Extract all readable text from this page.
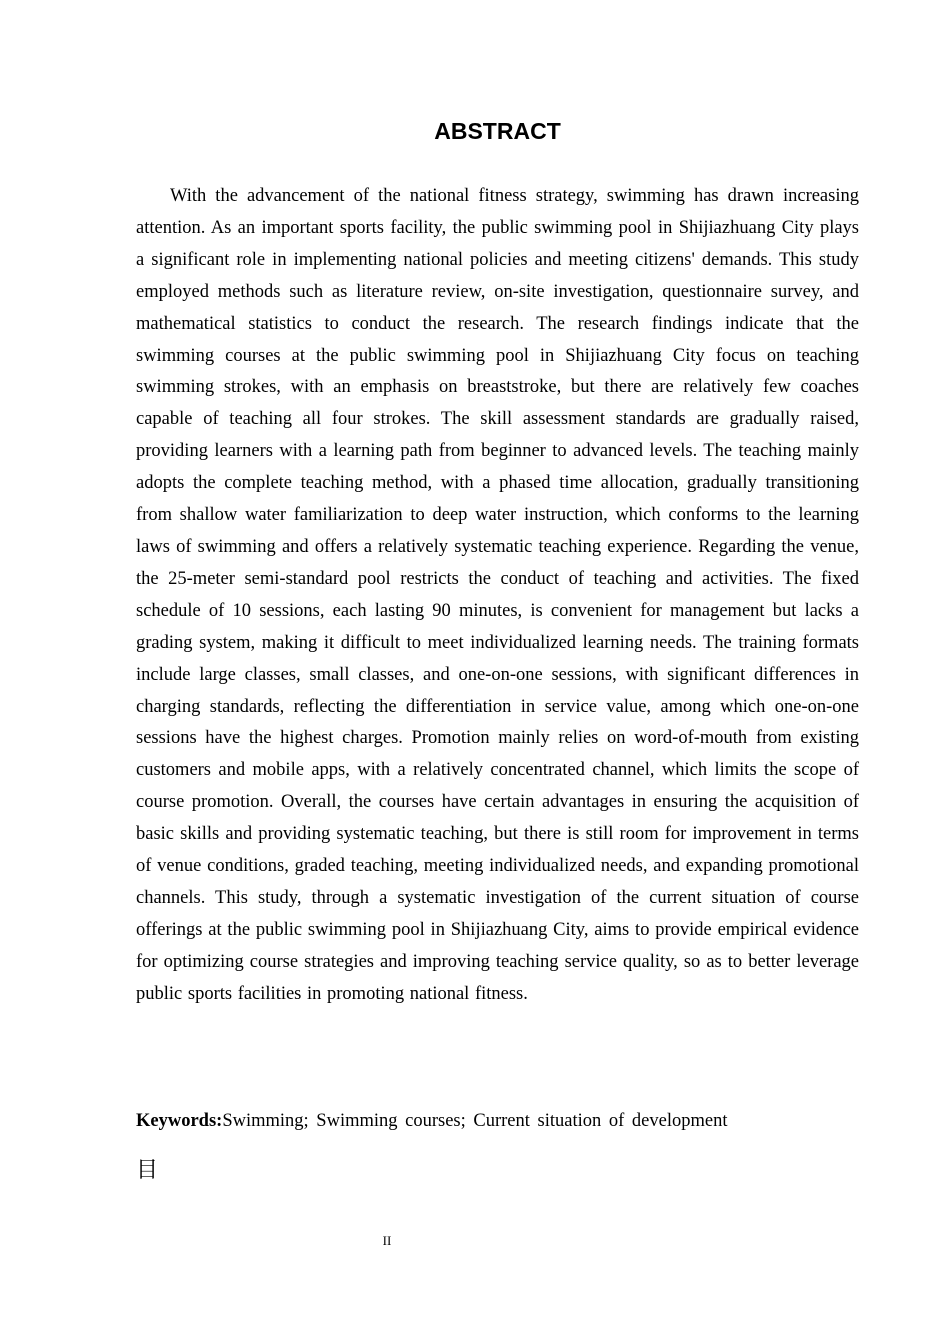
ABSTRACT

With the advancement of the national fitness strategy, swimming has drawn increasing attention. As an important sports facility, the public swimming pool in Shijiazhuang City plays a significant role in implementing national policies and meeting citizens' demands. This study employed methods such as literature review, on-site investigation, questionnaire survey, and mathematical statistics to conduct the research. The research findings indicate that the swimming courses at the public swimming pool in Shijiazhuang City focus on teaching swimming strokes, with an emphasis on breaststroke, but there are relatively few coaches capable of teaching all four strokes. The skill assessment standards are gradually raised, providing learners with a learning path from beginner to advanced levels. The teaching mainly adopts the complete teaching method, with a phased time allocation, gradually transitioning from shallow water familiarization to deep water instruction, which conforms to the learning laws of swimming and offers a relatively systematic teaching experience. Regarding the venue, the 25-meter semi-standard pool restricts the conduct of teaching and activities. The fixed schedule of 10 sessions, each lasting 90 minutes, is convenient for management but lacks a grading system, making it difficult to meet individualized learning needs. The training formats include large classes, small classes, and one-on-one sessions, with significant differences in charging standards, reflecting the differentiation in service value, among which one-on-one sessions have the highest charges. Promotion mainly relies on word-of-mouth from existing customers and mobile apps, with a relatively concentrated channel, which limits the scope of course promotion. Overall, the courses have certain advantages in ensuring the acquisition of basic skills and providing systematic teaching, but there is still room for improvement in terms of venue conditions, graded teaching, meeting individualized needs, and expanding promotional channels. This study, through a systematic investigation of the current situation of course offerings at the public swimming pool in Shijiazhuang City, aims to provide empirical evidence for optimizing course strategies and improving teaching service quality, so as to better leverage public sports facilities in promoting national fitness.

Keywords:Swimming; Swimming courses; Current situation of development

目
II
